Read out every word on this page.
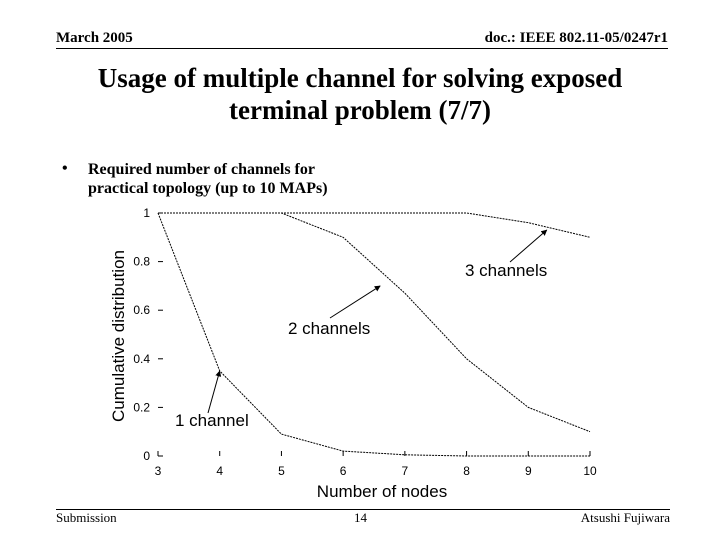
March 2005	doc.: IEEE 802.11-05/0247r1
Usage of multiple channel for solving exposed
terminal problem (7/7)
• Required number of channels for
practical topology (up to 10 MAPs)
3	4	5	6	7	8	9	10
0
0.2
0.4
0.6
0.8
1
1 channel
2 channels
3 channels
Number of nodes
Cumulative distribution
Submission	14	Atsushi Fujiwara
